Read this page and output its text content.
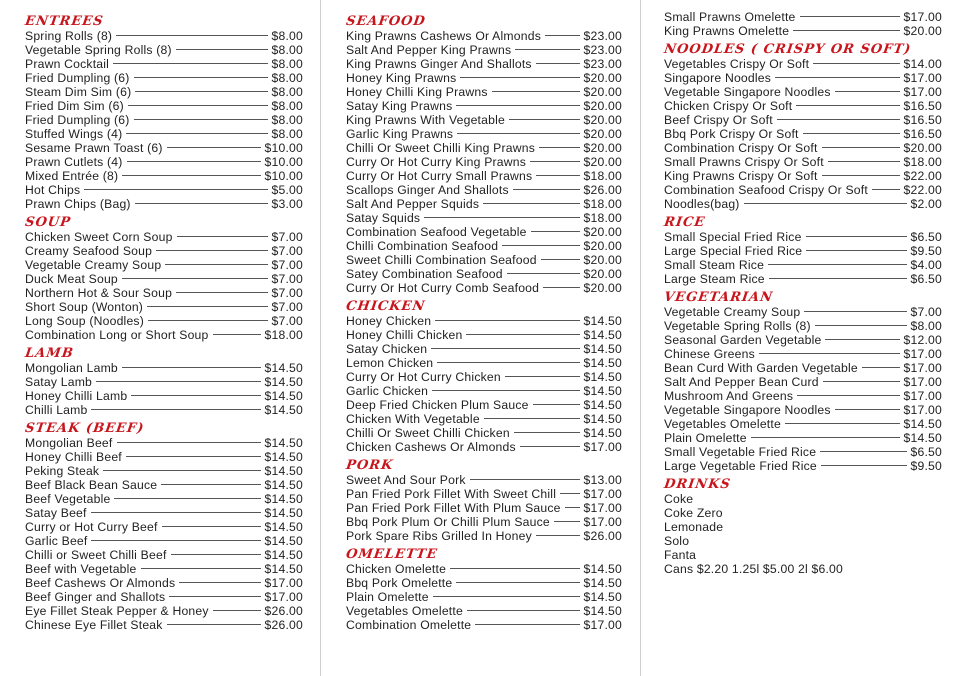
ENTREES
Spring Rolls (8)	$8.00
Vegetable Spring Rolls (8)	$8.00
Prawn Cocktail	$8.00
Fried Dumpling (6)	$8.00
Steam Dim Sim (6)	$8.00
Fried Dim Sim (6)	$8.00
Fried Dumpling (6)	$8.00
Stuffed Wings (4)	$8.00
Sesame Prawn Toast (6)	$10.00
Prawn Cutlets (4)	$10.00
Mixed Entrée (8)	$10.00
Hot Chips	$5.00
Prawn Chips (Bag)	$3.00
SOUP
Chicken Sweet Corn Soup	$7.00
Creamy Seafood Soup	$7.00
Vegetable Creamy Soup	$7.00
Duck Meat Soup	$7.00
Northern Hot & Sour Soup	$7.00
Short Soup (Wonton)	$7.00
Long Soup (Noodles)	$7.00
Combination Long or Short Soup	$18.00
LAMB
Mongolian Lamb	$14.50
Satay Lamb	$14.50
Honey Chilli Lamb	$14.50
Chilli Lamb	$14.50
STEAK (BEEF)
Mongolian Beef	$14.50
Honey Chilli Beef	$14.50
Peking Steak	$14.50
Beef Black Bean Sauce	$14.50
Beef Vegetable	$14.50
Satay Beef	$14.50
Curry or Hot Curry Beef	$14.50
Garlic Beef	$14.50
Chilli or Sweet Chilli Beef	$14.50
Beef with Vegetable	$14.50
Beef Cashews Or Almonds	$17.00
Beef Ginger and Shallots	$17.00
Eye Fillet Steak Pepper & Honey	$26.00
Chinese Eye Fillet Steak	$26.00
SEAFOOD
King Prawns Cashews Or Almonds	$23.00
Salt And Pepper King Prawns	$23.00
King Prawns Ginger And Shallots	$23.00
Honey King Prawns	$20.00
Honey Chilli King Prawns	$20.00
Satay King Prawns	$20.00
King Prawns With Vegetable	$20.00
Garlic King Prawns	$20.00
Chilli Or Sweet Chilli King Prawns	$20.00
Curry Or Hot Curry King Prawns	$20.00
Curry Or Hot Curry Small Prawns	$18.00
Scallops Ginger And Shallots	$26.00
Salt And Pepper Squids	$18.00
Satay Squids	$18.00
Combination Seafood Vegetable	$20.00
Chilli Combination Seafood	$20.00
Sweet Chilli Combination Seafood	$20.00
Satey Combination Seafood	$20.00
Curry Or Hot Curry Comb Seafood	$20.00
CHICKEN
Honey Chicken	$14.50
Honey Chilli Chicken	$14.50
Satay Chicken	$14.50
Lemon Chicken	$14.50
Curry Or Hot Curry Chicken	$14.50
Garlic Chicken	$14.50
Deep Fried Chicken Plum Sauce	$14.50
Chicken With Vegetable	$14.50
Chilli Or Sweet Chilli Chicken	$14.50
Chicken Cashews Or Almonds	$17.00
PORK
Sweet And Sour Pork	$13.00
Pan Fried Pork Fillet With Sweet Chill $17.00
Pan Fried Pork Fillet With Plum Sauce $17.00
Bbq Pork Plum Or Chilli Plum Sauce	$17.00
Pork Spare Ribs Grilled In Honey	$26.00
OMELETTE
Chicken Omelette	$14.50
Bbq Pork Omelette	$14.50
Plain Omelette	$14.50
Vegetables Omelette	$14.50
Combination Omelette	$17.00
Small Prawns Omelette	$17.00
King Prawns Omelette	$20.00
NOODLES ( CRISPY OR SOFT)
Vegetables Crispy Or Soft	$14.00
Singapore Noodles	$17.00
Vegetable Singapore Noodles	$17.00
Chicken Crispy Or Soft	$16.50
Beef Crispy Or Soft	$16.50
Bbq Pork Crispy Or Soft	$16.50
Combination Crispy Or Soft	$20.00
Small Prawns Crispy Or Soft	$18.00
King Prawns Crispy Or Soft	$22.00
Combination Seafood Crispy Or Soft	$22.00
Noodles(bag)	$2.00
RICE
Small Special Fried Rice	$6.50
Large Special Fried Rice	$9.50
Small Steam Rice	$4.00
Large Steam Rice	$6.50
VEGETARIAN
Vegetable Creamy Soup	$7.00
Vegetable Spring Rolls (8)	$8.00
Seasonal Garden Vegetable	$12.00
Chinese Greens	$17.00
Bean Curd With Garden Vegetable	$17.00
Salt And Pepper Bean Curd	$17.00
Mushroom And Greens	$17.00
Vegetable Singapore Noodles	$17.00
Vegetables Omelette	$14.50
Plain Omelette	$14.50
Small Vegetable Fried Rice	$6.50
Large Vegetable Fried Rice	$9.50
DRINKS
Coke
Coke Zero
Lemonade
Solo
Fanta
Cans $2.20 1.25l $5.00 2l $6.00
